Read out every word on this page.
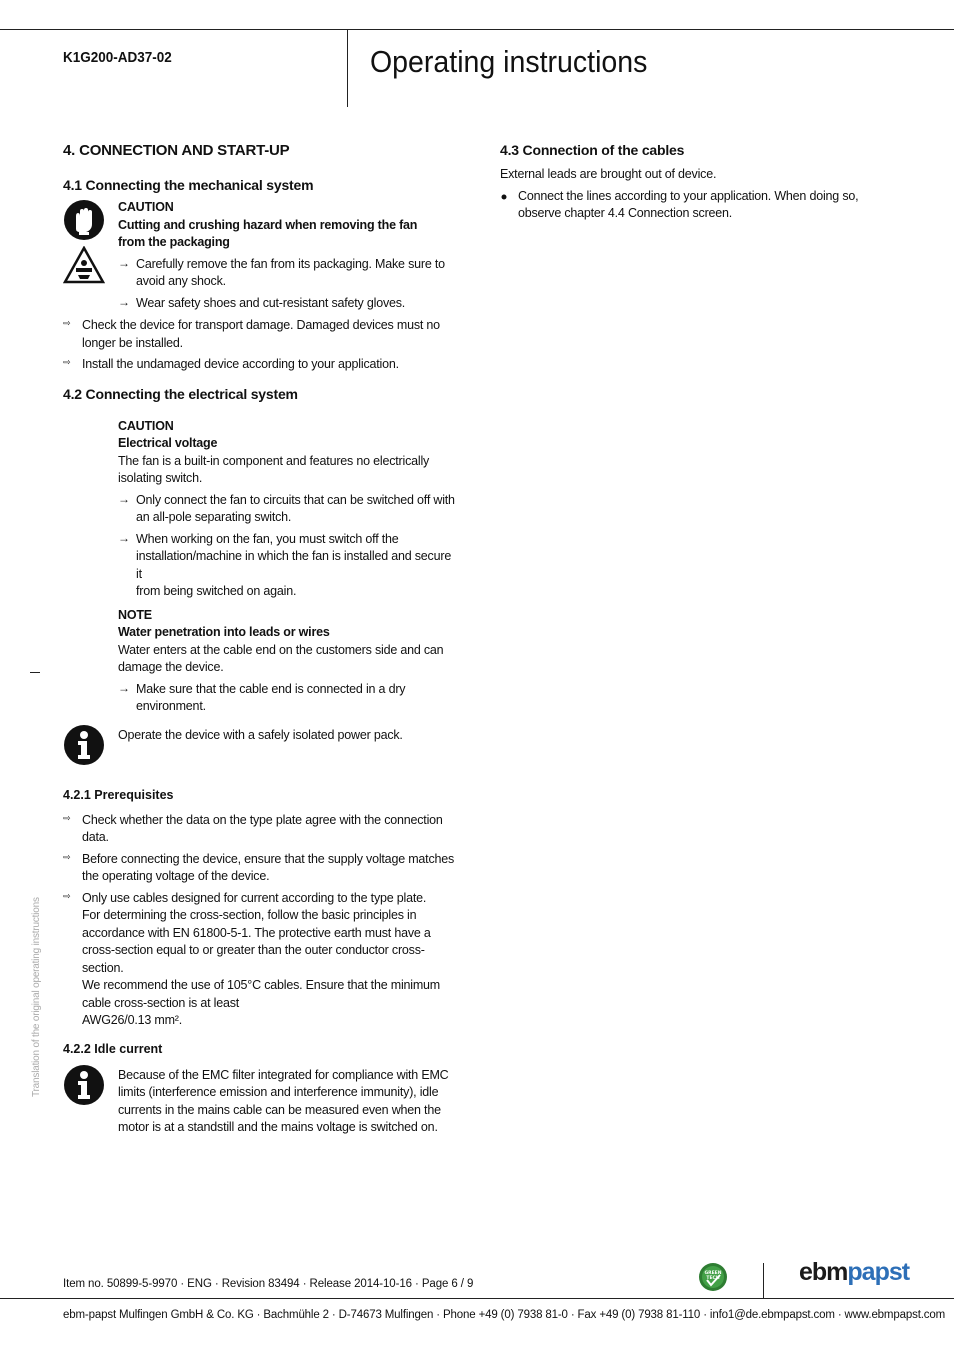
K1G200-AD37-02	Operating instructions
4. CONNECTION AND START-UP
4.1 Connecting the mechanical system

CAUTION

Cutting and crushing hazard when removing the fan

from the packaging

→ Carefully remove the fan from its packaging. Make sure to

avoid any shock.

→ Wear safety shoes and cut-resistant safety gloves.

⇨ Check the device for transport damage. Damaged devices must no

longer be installed.

⇨ Install the undamaged device according to your application.

4.2 Connecting the electrical system

CAUTION

Electrical voltage

The fan is a built-in component and features no electrically

isolating switch.

→ Only connect the fan to circuits that can be switched off with

an all-pole separating switch.

→ When working on the fan, you must switch off the

installation/machine in which the fan is installed and secure it

from being switched on again.

NOTE

Water penetration into leads or wires

Water enters at the cable end on the customers side and can

damage the device.

→ Make sure that the cable end is connected in a dry

environment.

Operate the device with a safely isolated power pack.

4.2.1 Prerequisites
⇨ Check whether the data on the type plate agree with the connection

data.

⇨ Before connecting the device, ensure that the supply voltage matches

the operating voltage of the device.

⇨ Only use cables designed for current according to the type plate.

For determining the cross-section, follow the basic principles in

accordance with EN 61800-5-1. The protective earth must have a

cross-section equal to or greater than the outer conductor cross-

section.

We recommend the use of 105°C cables. Ensure that the minimum

cable cross-section is at least

AWG26/0.13 mm².

4.2.2 Idle current

Because of the EMC filter integrated for compliance with EMC

limits (interference emission and interference immunity), idle

currents in the mains cable can be measured even when the

motor is at a standstill and the mains voltage is switched on.

4.3 Connection of the cables

External leads are brought out of device.

Connect the lines according to your application. When doing so,

observe chapter 4.4 Connection screen.

Translation of the original operating instructions
Item no. 50899-5-9970 · ENG · Revision 83494 · Release 2014-10-16 · Page 6 / 9
GREEN
TECH	ebmpapst
ebm-papst Mulfingen GmbH & Co. KG · Bachmühle 2 · D-74673 Mulfingen · Phone +49 (0) 7938 81-0 · Fax +49 (0) 7938 81-110 · info1@de.ebmpapst.com · www.ebmpapst.com
